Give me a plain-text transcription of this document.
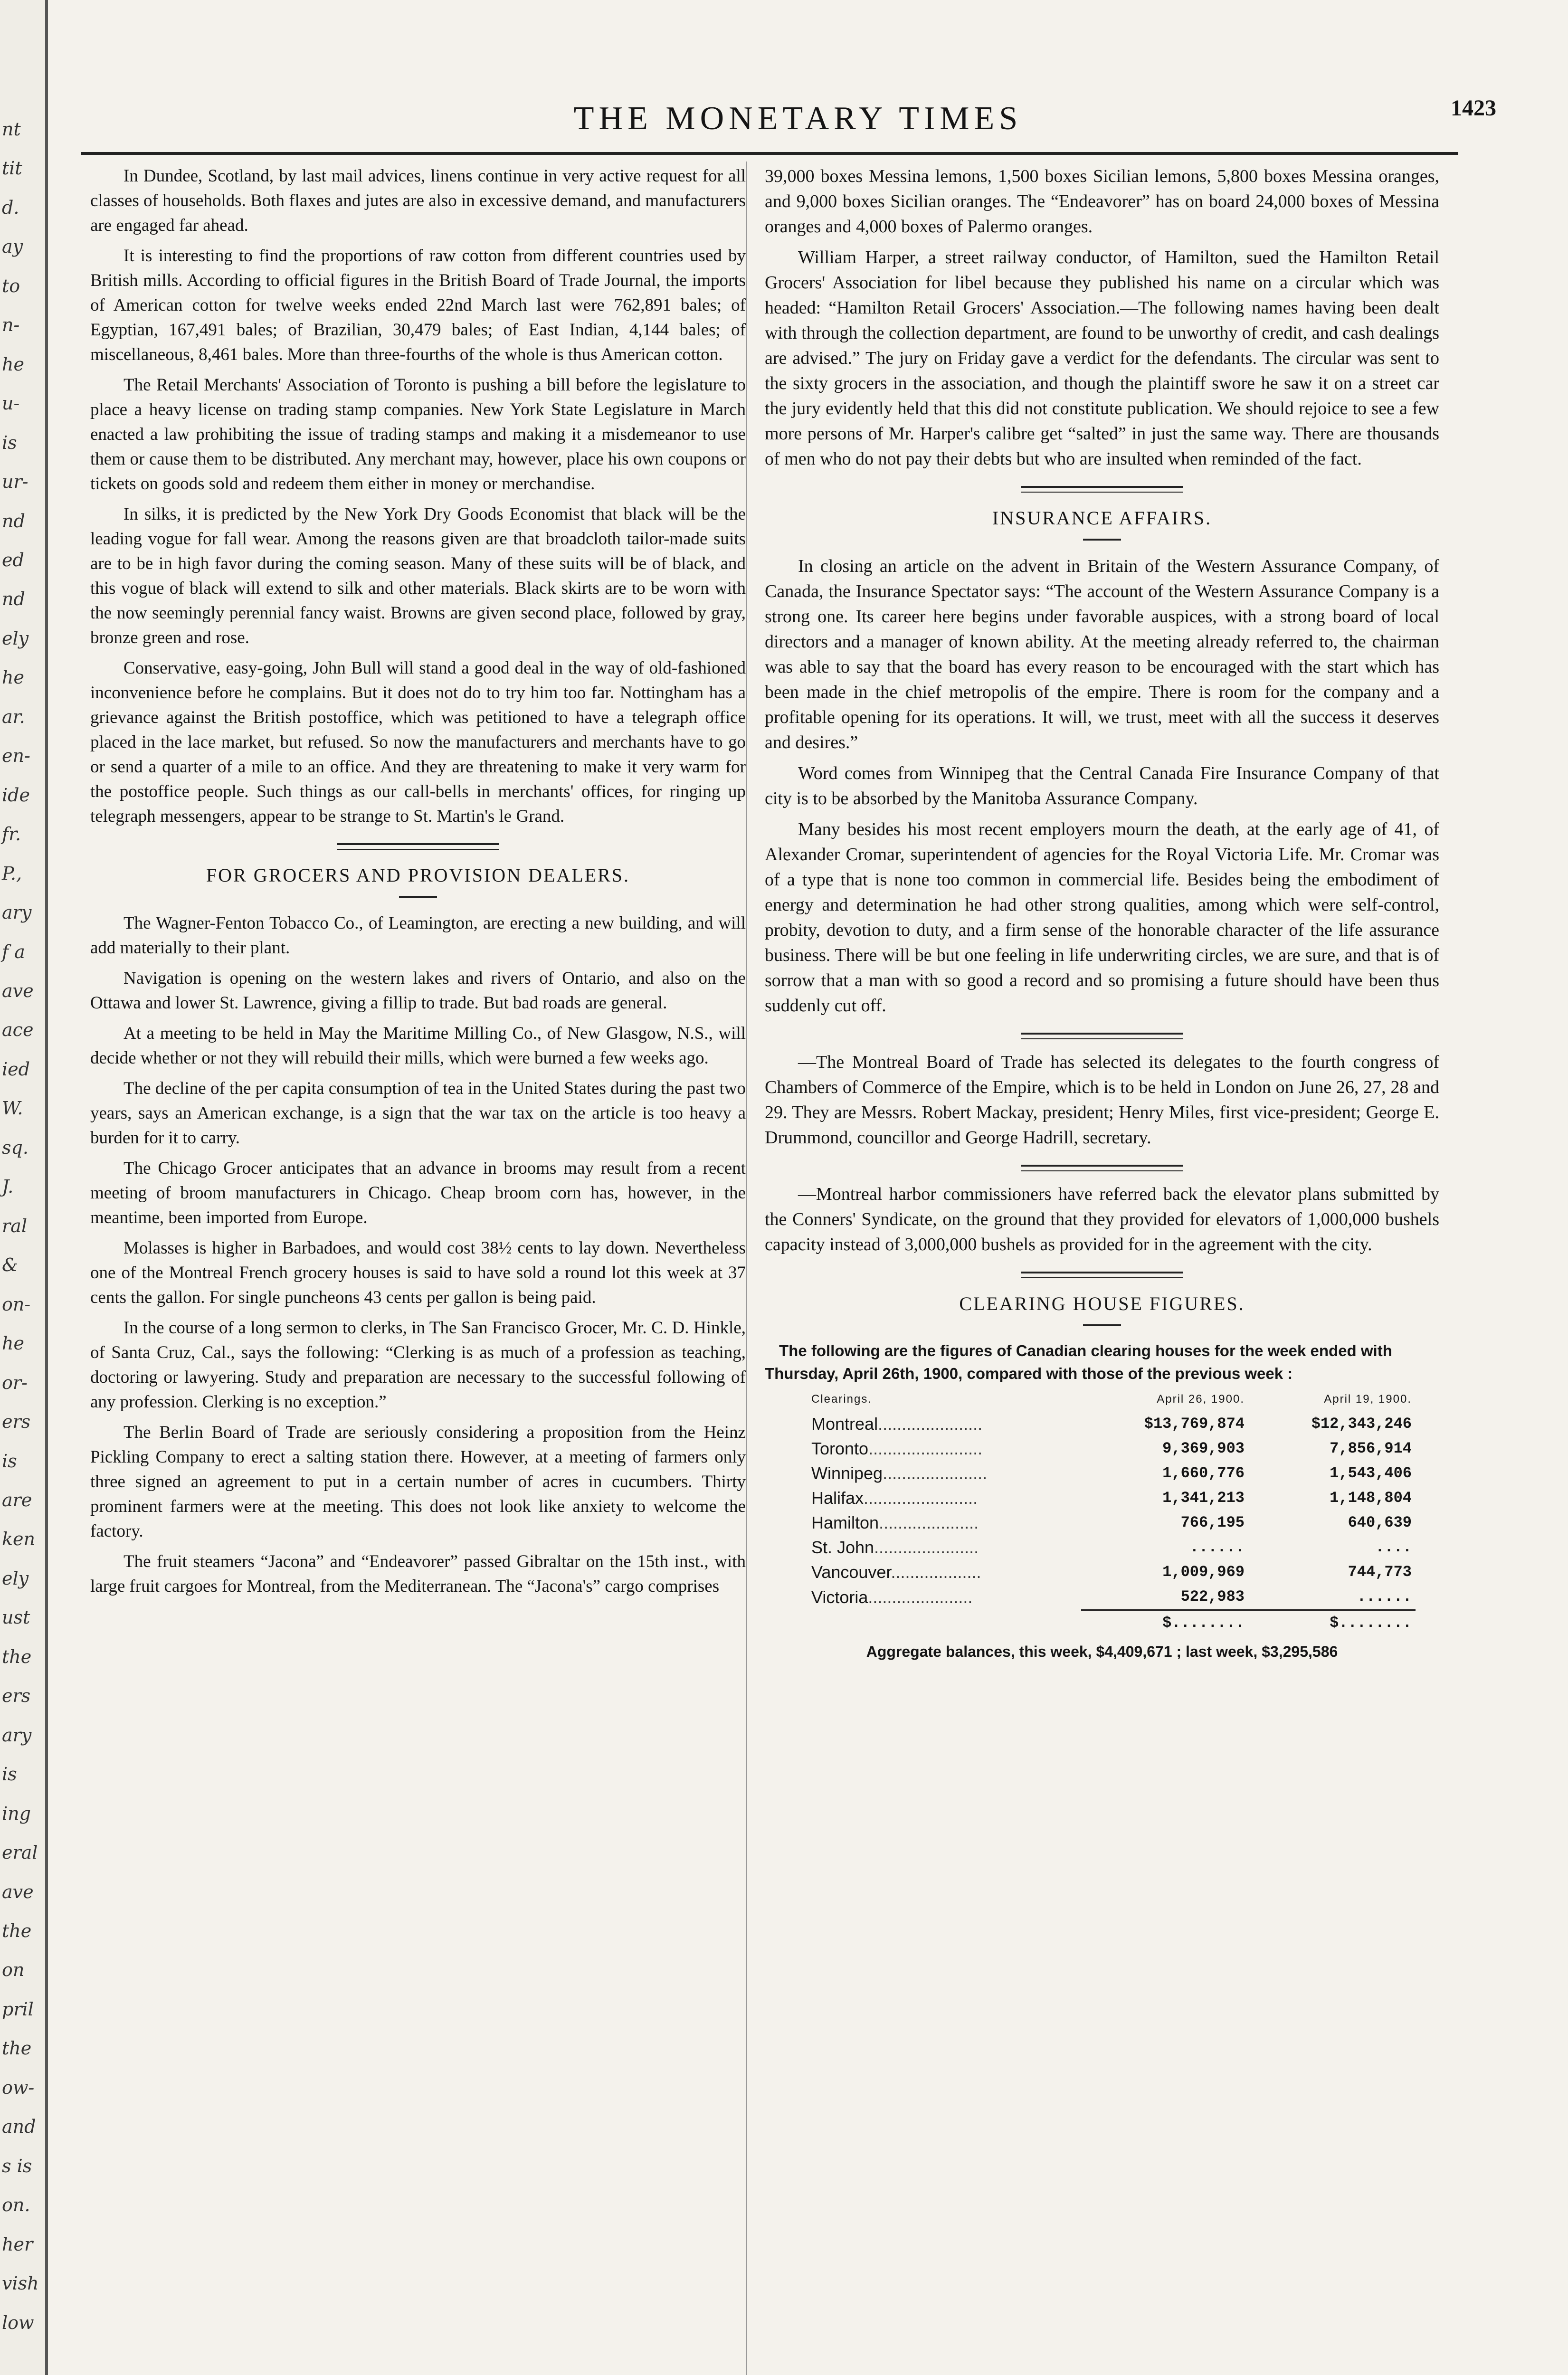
nt
tit
d.
ay
to
n-
he
u-
is
ur-
nd
ed
nd
ely
he
ar.
en-
ide
fr.
P.,
ary
f a
ave
ace
ied
W.
sq.
J.
ral
&
on-
he
or-
ers
is
are
ken
ely
ust
the
ers
ary
is
ing
eral
ave
the
on
pril
the
ow-
and
s is
on.
her
vish
low
THE MONETARY TIMES	1423

In Dundee, Scotland, by last mail advices, linens continue in very active request for all classes of households. Both flaxes and jutes are also in excessive demand, and manufacturers are engaged far ahead.

It is interesting to find the proportions of raw cotton from different countries used by British mills. According to official figures in the British Board of Trade Journal, the imports of American cotton for twelve weeks ended 22nd March last were 762,891 bales; of Egyptian, 167,491 bales; of Brazilian, 30,479 bales; of East Indian, 4,144 bales; of miscellaneous, 8,461 bales. More than three-fourths of the whole is thus American cotton.

The Retail Merchants' Association of Toronto is pushing a bill before the legislature to place a heavy license on trading stamp companies. New York State Legislature in March enacted a law prohibiting the issue of trading stamps and making it a misdemeanor to use them or cause them to be distributed. Any merchant may, however, place his own coupons or tickets on goods sold and redeem them either in money or merchandise.

In silks, it is predicted by the New York Dry Goods Economist that black will be the leading vogue for fall wear. Among the reasons given are that broadcloth tailor-made suits are to be in high favor during the coming season. Many of these suits will be of black, and this vogue of black will extend to silk and other materials. Black skirts are to be worn with the now seemingly perennial fancy waist. Browns are given second place, followed by gray, bronze green and rose.

Conservative, easy-going, John Bull will stand a good deal in the way of old-fashioned inconvenience before he complains. But it does not do to try him too far. Nottingham has a grievance against the British postoffice, which was petitioned to have a telegraph office placed in the lace market, but refused. So now the manufacturers and merchants have to go or send a quarter of a mile to an office. And they are threatening to make it very warm for the postoffice people. Such things as our call-bells in merchants' offices, for ringing up telegraph messengers, appear to be strange to St. Martin's le Grand.

FOR GROCERS AND PROVISION DEALERS.

The Wagner-Fenton Tobacco Co., of Leamington, are erecting a new building, and will add materially to their plant.

Navigation is opening on the western lakes and rivers of Ontario, and also on the Ottawa and lower St. Lawrence, giving a fillip to trade. But bad roads are general.

At a meeting to be held in May the Maritime Milling Co., of New Glasgow, N.S., will decide whether or not they will rebuild their mills, which were burned a few weeks ago.

The decline of the per capita consumption of tea in the United States during the past two years, says an American exchange, is a sign that the war tax on the article is too heavy a burden for it to carry.

The Chicago Grocer anticipates that an advance in brooms may result from a recent meeting of broom manufacturers in Chicago. Cheap broom corn has, however, in the meantime, been imported from Europe.

Molasses is higher in Barbadoes, and would cost 38½ cents to lay down. Nevertheless one of the Montreal French grocery houses is said to have sold a round lot this week at 37 cents the gallon. For single puncheons 43 cents per gallon is being paid.

In the course of a long sermon to clerks, in The San Francisco Grocer, Mr. C. D. Hinkle, of Santa Cruz, Cal., says the following: “Clerking is as much of a profession as teaching, doctoring or lawyering. Study and preparation are necessary to the successful following of any profession. Clerking is no exception.”

The Berlin Board of Trade are seriously considering a proposition from the Heinz Pickling Company to erect a salting station there. However, at a meeting of farmers only three signed an agreement to put in a certain number of acres in cucumbers. Thirty prominent farmers were at the meeting. This does not look like anxiety to welcome the factory.

The fruit steamers “Jacona” and “Endeavorer” passed Gibraltar on the 15th inst., with large fruit cargoes for Montreal, from the Mediterranean. The “Jacona's” cargo comprises

39,000 boxes Messina lemons, 1,500 boxes Sicilian lemons, 5,800 boxes Messina oranges, and 9,000 boxes Sicilian oranges. The “Endeavorer” has on board 24,000 boxes of Messina oranges and 4,000 boxes of Palermo oranges.

William Harper, a street railway conductor, of Hamilton, sued the Hamilton Retail Grocers' Association for libel because they published his name on a circular which was headed: “Hamilton Retail Grocers' Association.—The following names having been dealt with through the collection department, are found to be unworthy of credit, and cash dealings are advised.” The jury on Friday gave a verdict for the defendants. The circular was sent to the sixty grocers in the association, and though the plaintiff swore he saw it on a street car the jury evidently held that this did not constitute publication. We should rejoice to see a few more persons of Mr. Harper's calibre get “salted” in just the same way. There are thousands of men who do not pay their debts but who are insulted when reminded of the fact.

INSURANCE AFFAIRS.

In closing an article on the advent in Britain of the Western Assurance Company, of Canada, the Insurance Spectator says: “The account of the Western Assurance Company is a strong one. Its career here begins under favorable auspices, with a strong board of local directors and a manager of known ability. At the meeting already referred to, the chairman was able to say that the board has every reason to be encouraged with the start which has been made in the chief metropolis of the empire. There is room for the company and a profitable opening for its operations. It will, we trust, meet with all the success it deserves and desires.”

Word comes from Winnipeg that the Central Canada Fire Insurance Company of that city is to be absorbed by the Manitoba Assurance Company.

Many besides his most recent employers mourn the death, at the early age of 41, of Alexander Cromar, superintendent of agencies for the Royal Victoria Life. Mr. Cromar was of a type that is none too common in commercial life. Besides being the embodiment of energy and determination he had other strong qualities, among which were self-control, probity, devotion to duty, and a firm sense of the honorable character of the life assurance business. There will be but one feeling in life underwriting circles, we are sure, and that is of sorrow that a man with so good a record and so promising a future should have been thus suddenly cut off.

—The Montreal Board of Trade has selected its delegates to the fourth congress of Chambers of Commerce of the Empire, which is to be held in London on June 26, 27, 28 and 29. They are Messrs. Robert Mackay, president; Henry Miles, first vice-president; George E. Drummond, councillor and George Hadrill, secretary.

—Montreal harbor commissioners have referred back the elevator plans submitted by the Conners' Syndicate, on the ground that they provided for elevators of 1,000,000 bushels capacity instead of 3,000,000 bushels as provided for in the agreement with the city.

CLEARING HOUSE FIGURES.

The following are the figures of Canadian clearing houses for the week ended with Thursday, April 26th, 1900, compared with those of the previous week :

Clearings.	April 26, 1900.	April 19, 1900.
Montreal......................	$13,769,874	$12,343,246
Toronto........................	9,369,903	7,856,914
Winnipeg......................	1,660,776	1,543,406
Halifax........................	1,341,213	1,148,804
Hamilton.....................	766,195	640,639
St. John......................	......	....
Vancouver...................	1,009,969	744,773
Victoria......................	522,983	......
	$........	$........
Aggregate balances, this week, $4,409,671 ; last week, $3,295,586
